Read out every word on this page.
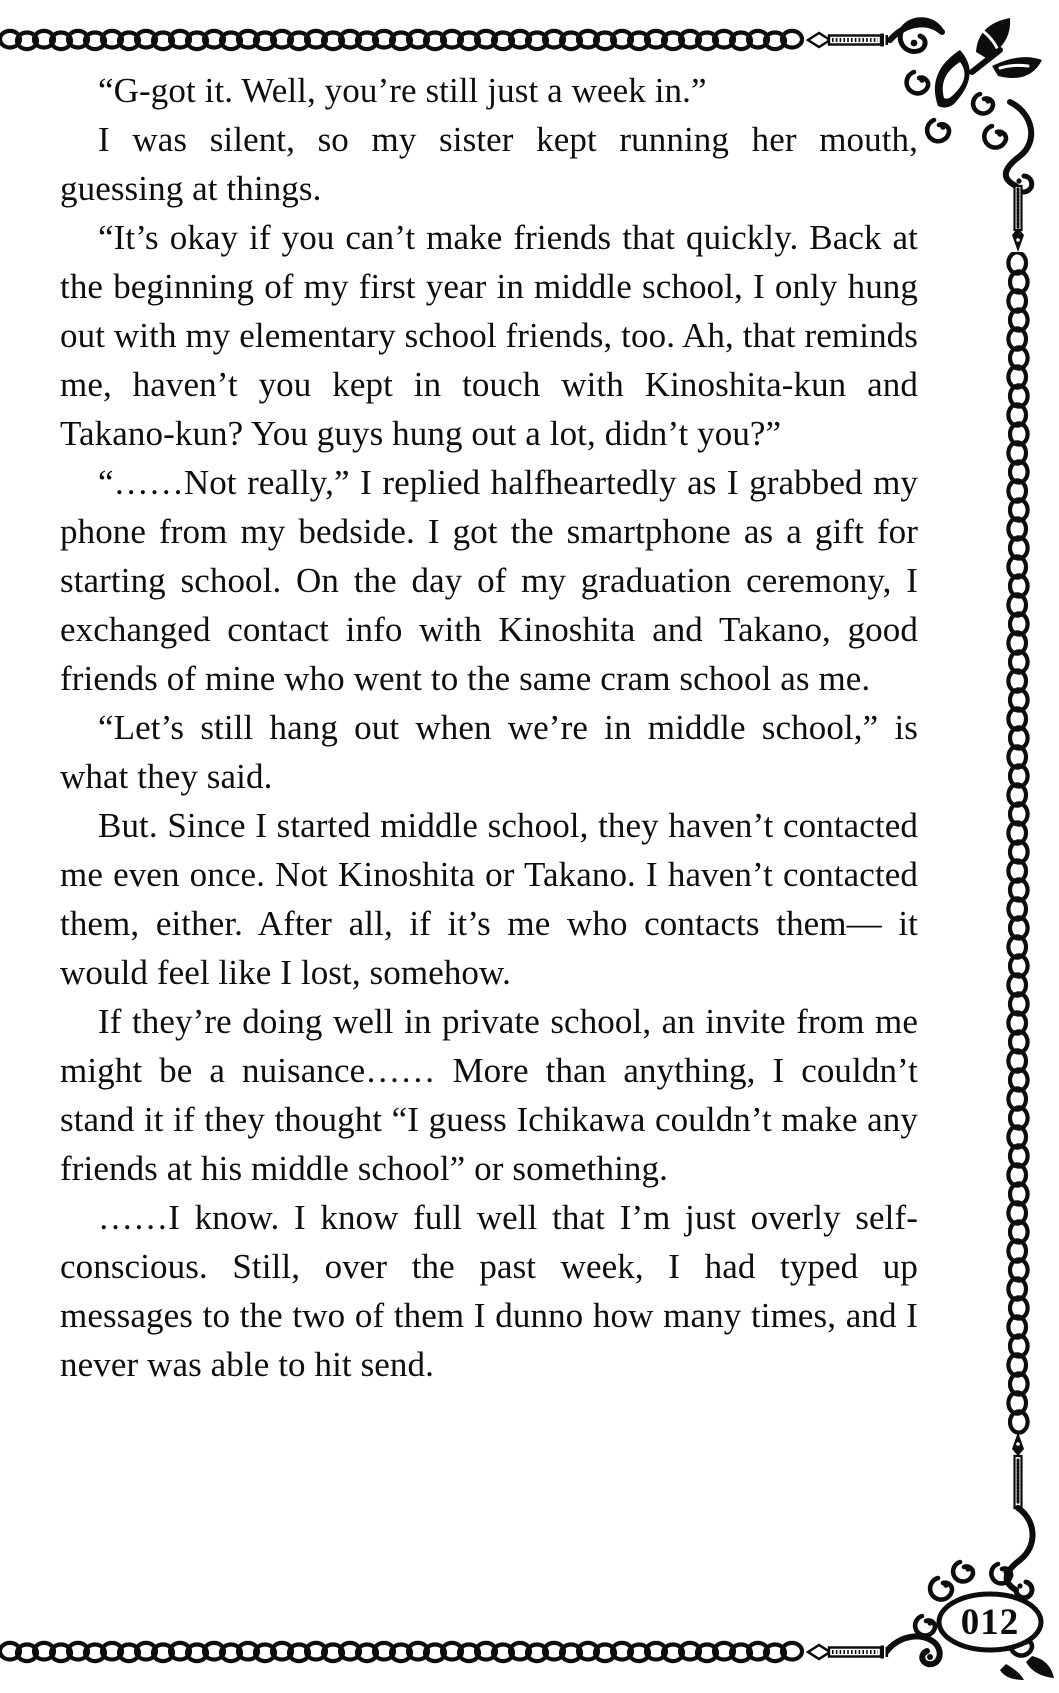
“G-got it. Well, you’re still just a week in.”

I was silent, so my sister kept running her mouth, guessing at things.

“It’s okay if you can’t make friends that quickly. Back at the beginning of my first year in middle school, I only hung out with my elementary school friends, too. Ah, that reminds me, haven’t you kept in touch with Kinoshita-kun and Takano-kun? You guys hung out a lot, didn’t you?”

“……Not really,” I replied halfheartedly as I grabbed my phone from my bedside. I got the smartphone as a gift for starting school. On the day of my graduation ceremony, I exchanged contact info with Kinoshita and Takano, good friends of mine who went to the same cram school as me.

“Let’s still hang out when we’re in middle school,” is what they said.

But. Since I started middle school, they haven’t contacted me even once. Not Kinoshita or Takano. I haven’t contacted them, either. After all, if it’s me who contacts them— it would feel like I lost, somehow.

If they’re doing well in private school, an invite from me might be a nuisance…… More than anything, I couldn’t stand it if they thought “I guess Ichikawa couldn’t make any friends at his middle school” or something.

……I know. I know full well that I’m just overly self-conscious. Still, over the past week, I had typed up messages to the two of them I dunno how many times, and I never was able to hit send.

012
